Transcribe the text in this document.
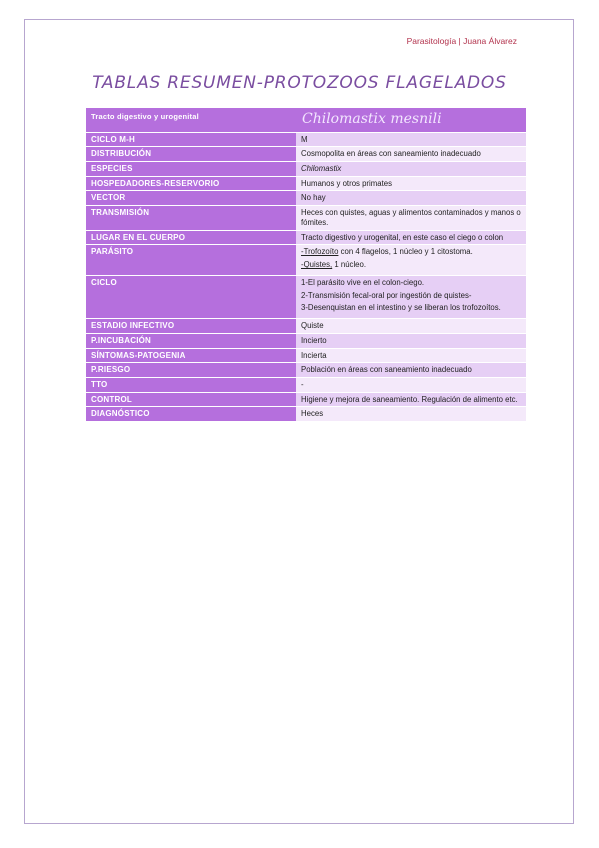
Parasitología | Juana Álvarez
TABLAS RESUMEN-PROTOZOOS FLAGELADOS
Tracto digestivo y urogenital	Chilomastix mesnili
CICLO M-H	M
DISTRIBUCIÓN	Cosmopolita en áreas con saneamiento inadecuado
ESPECIES	Chilomastix
HOSPEDADORES-RESERVORIO	Humanos y otros primates
VECTOR	No hay
TRANSMISIÓN	Heces con quistes, aguas y alimentos contaminados y manos o fómites.
LUGAR EN EL CUERPO	Tracto digestivo y urogenital, en este caso el ciego o colon
PARÁSITO	-Trofozoíto con 4 flagelos, 1 núcleo y 1 citostoma.
-Quistes, 1 núcleo.

CICLO	1-El parásito vive en el colon-ciego.
2-Transmisión fecal-oral por ingestión de quistes-
3-Desenquistan en el intestino y se liberan los trofozoítos.

ESTADIO INFECTIVO	Quiste
P.INCUBACIÓN	Incierto
SÍNTOMAS-PATOGENIA	Incierta
P.RIESGO	Población en áreas con saneamiento inadecuado
TTO	-
CONTROL	Higiene y mejora de saneamiento. Regulación de alimento etc.
DIAGNÓSTICO	Heces
